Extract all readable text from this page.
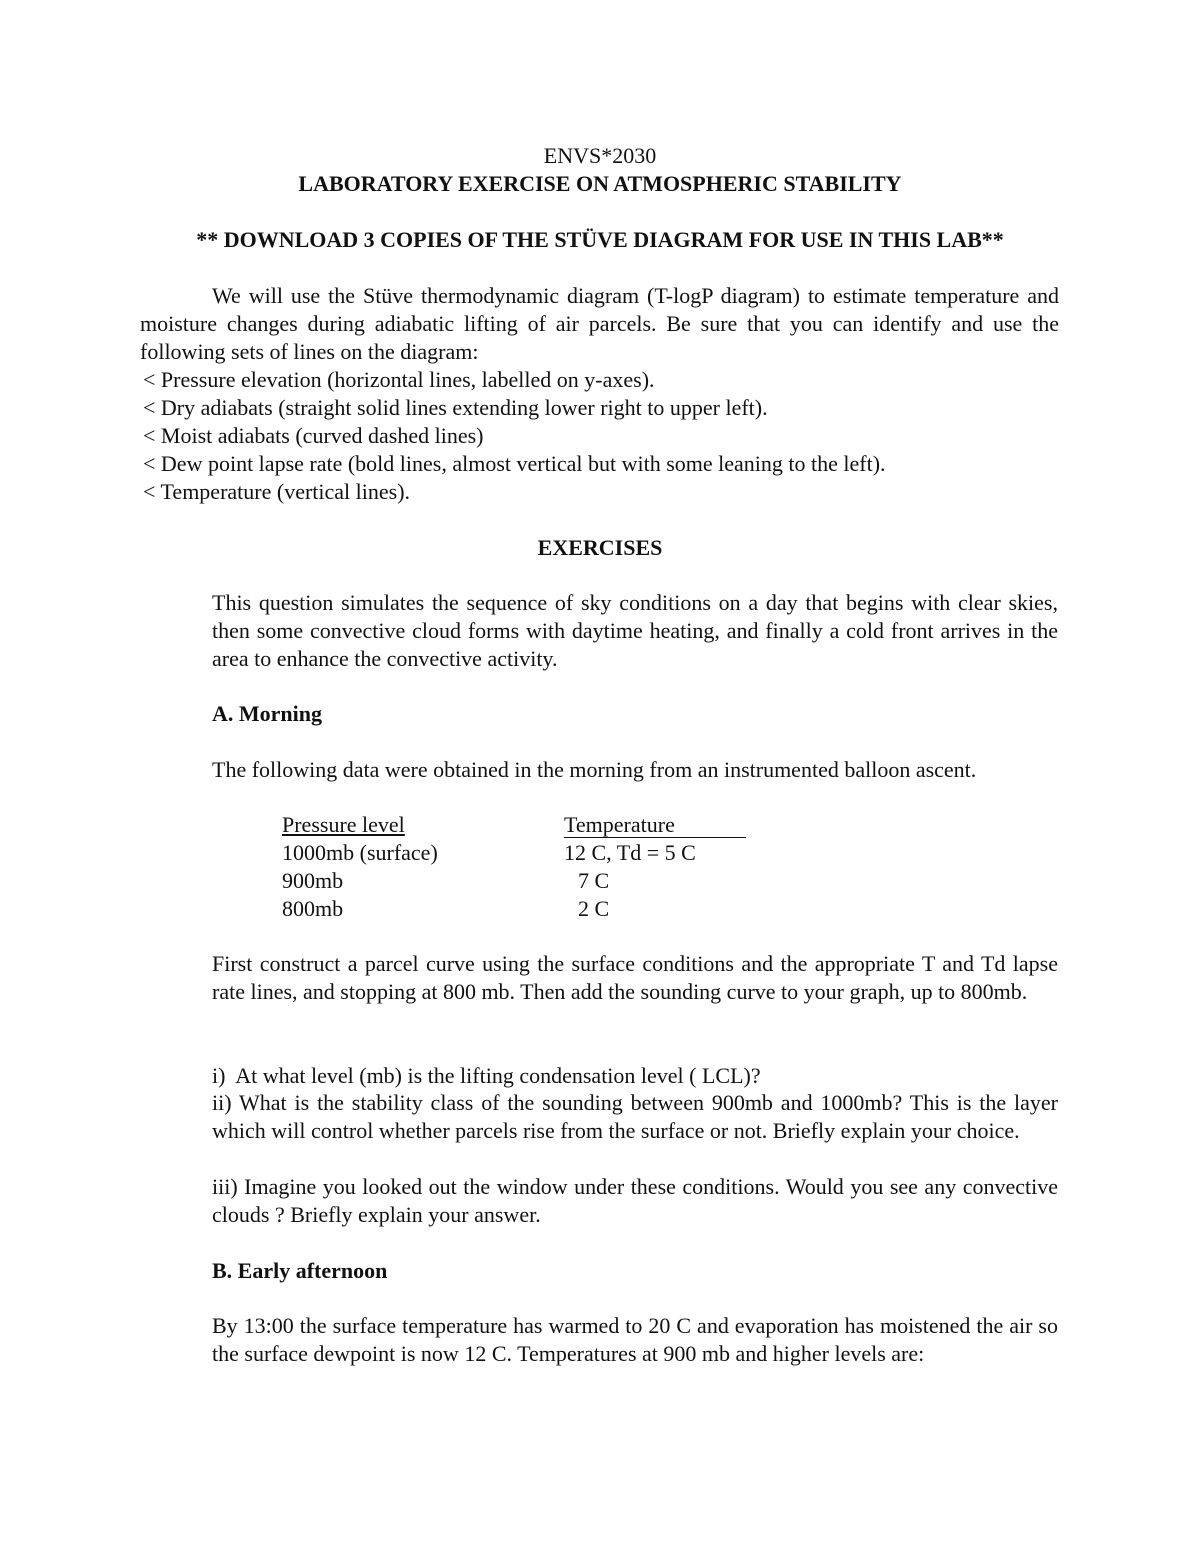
ENVS*2030

LABORATORY EXERCISE ON ATMOSPHERIC STABILITY

** DOWNLOAD 3 COPIES OF THE STÜVE DIAGRAM FOR USE IN THIS LAB**

We will use the Stüve thermodynamic diagram (T-logP diagram) to estimate temperature and moisture changes during adiabatic lifting of air parcels. Be sure that you can identify and use the following sets of lines on the diagram:

< Pressure elevation (horizontal lines, labelled on y-axes).

< Dry adiabats (straight solid lines extending lower right to upper left).

< Moist adiabats (curved dashed lines)

< Dew point lapse rate (bold lines, almost vertical but with some leaning to the left).

< Temperature (vertical lines).

EXERCISES

This question simulates the sequence of sky conditions on a day that begins with clear skies, then some convective cloud forms with daytime heating, and finally a cold front arrives in the area to enhance the convective activity.

A. Morning

The following data were obtained in the morning from an instrumented balloon ascent.

Pressure level	Temperature

1000mb (surface)	12 C, Td = 5 C

900mb	7 C

800mb	2 C

First construct a parcel curve using the surface conditions and the appropriate T and Td lapse rate lines, and stopping at 800 mb. Then add the sounding curve to your graph, up to 800mb.

i)  At what level (mb) is the lifting condensation level ( LCL)?

ii) What is the stability class of the sounding between 900mb and 1000mb? This is the layer which will control whether parcels rise from the surface or not. Briefly explain your choice.

iii) Imagine you looked out the window under these conditions. Would you see any convective clouds ? Briefly explain your answer.

B. Early afternoon

By 13:00 the surface temperature has warmed to 20 C and evaporation has moistened the air so the surface dewpoint is now 12 C. Temperatures at 900 mb and higher levels are:
